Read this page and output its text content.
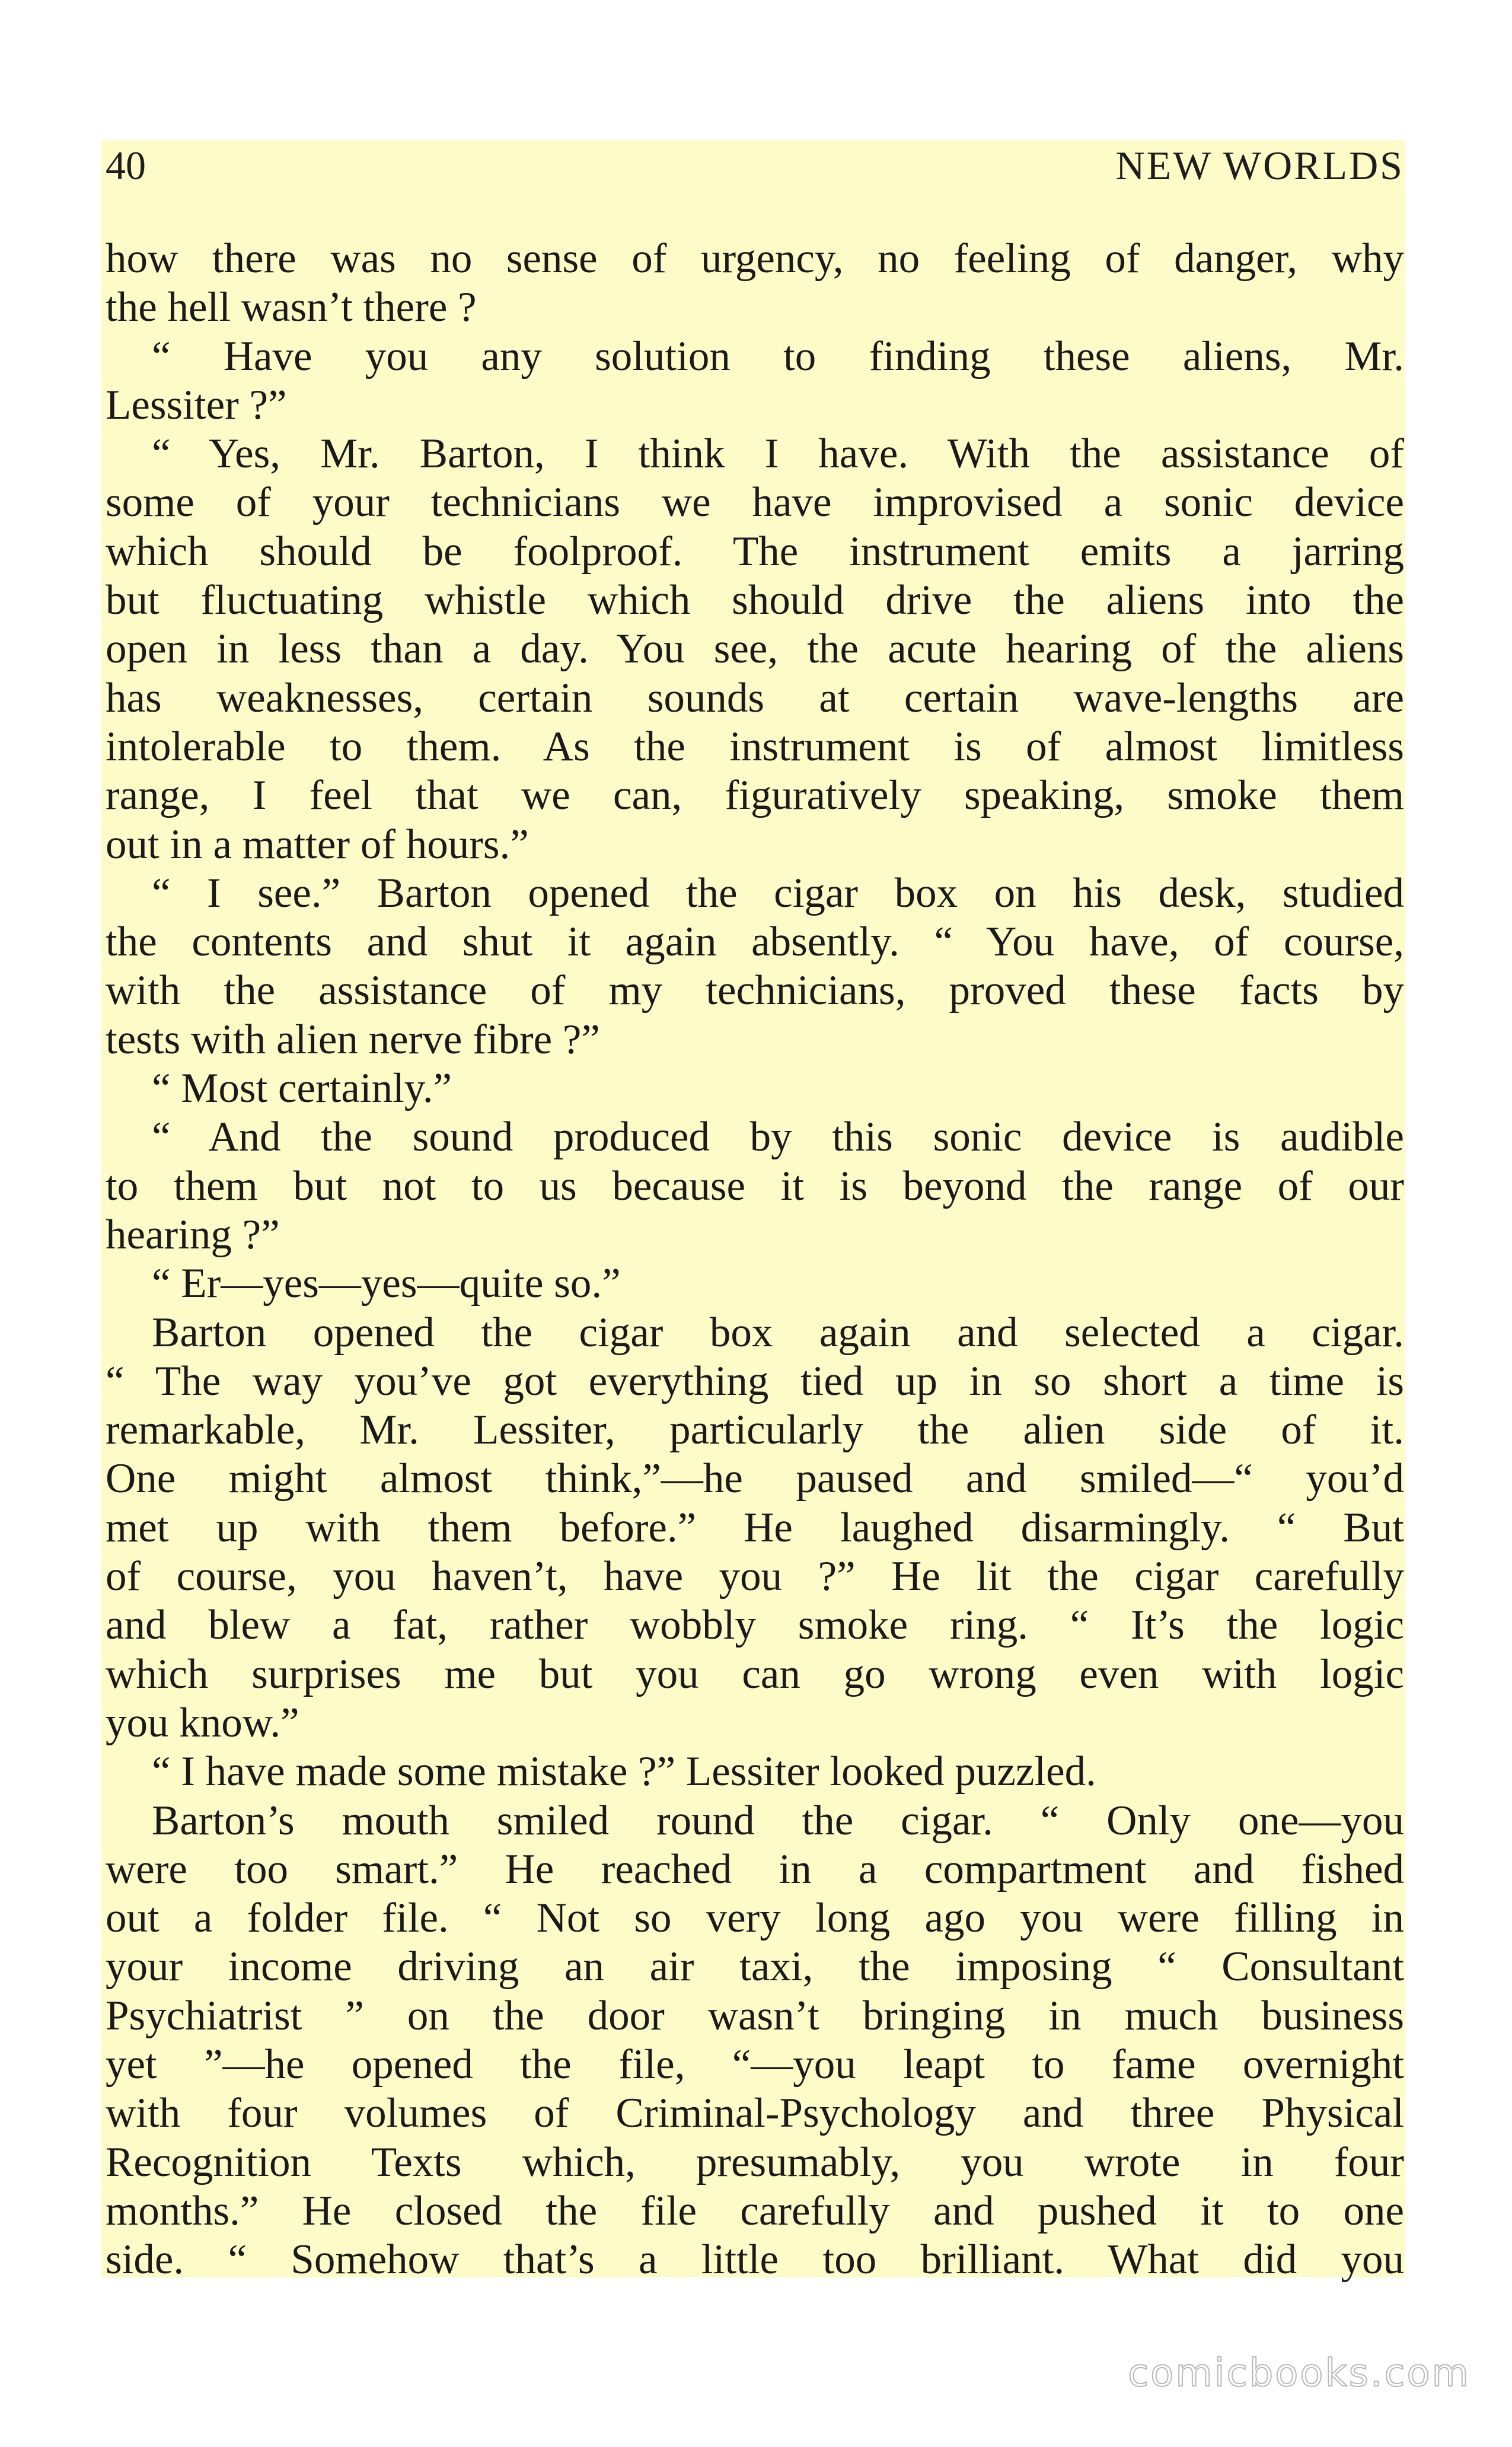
40	NEW WORLDS
how there was no sense of urgency, no feeling of danger, why
the hell wasn’t there ?
“ Have you any solution to finding these aliens, Mr.
Lessiter ?”
“ Yes, Mr. Barton, I think I have. With the assistance of
some of your technicians we have improvised a sonic device
which should be foolproof. The instrument emits a jarring
but fluctuating whistle which should drive the aliens into the
open in less than a day. You see, the acute hearing of the aliens
has weaknesses, certain sounds at certain wave-lengths are
intolerable to them. As the instrument is of almost limitless
range, I feel that we can, figuratively speaking, smoke them
out in a matter of hours.”
“ I see.” Barton opened the cigar box on his desk, studied
the contents and shut it again absently. “ You have, of course,
with the assistance of my technicians, proved these facts by
tests with alien nerve fibre ?”
“ Most certainly.”
“ And the sound produced by this sonic device is audible
to them but not to us because it is beyond the range of our
hearing ?”
“ Er—yes—yes—quite so.”
Barton opened the cigar box again and selected a cigar.
“ The way you’ve got everything tied up in so short a time is
remarkable, Mr. Lessiter, particularly the alien side of it.
One might almost think,”—he paused and smiled—“ you’d
met up with them before.” He laughed disarmingly. “ But
of course, you haven’t, have you ?” He lit the cigar carefully
and blew a fat, rather wobbly smoke ring. “ It’s the logic
which surprises me but you can go wrong even with logic
you know.”
“ I have made some mistake ?” Lessiter looked puzzled.
Barton’s mouth smiled round the cigar. “ Only one—you
were too smart.” He reached in a compartment and fished
out a folder file. “ Not so very long ago you were filling in
your income driving an air taxi, the imposing “ Consultant
Psychiatrist ” on the door wasn’t bringing in much business
yet ”—he opened the file, “—you leapt to fame overnight
with four volumes of Criminal-Psychology and three Physical
Recognition Texts which, presumably, you wrote in four
months.” He closed the file carefully and pushed it to one
side. “ Somehow that’s a little too brilliant. What did you
comicbooks.com
